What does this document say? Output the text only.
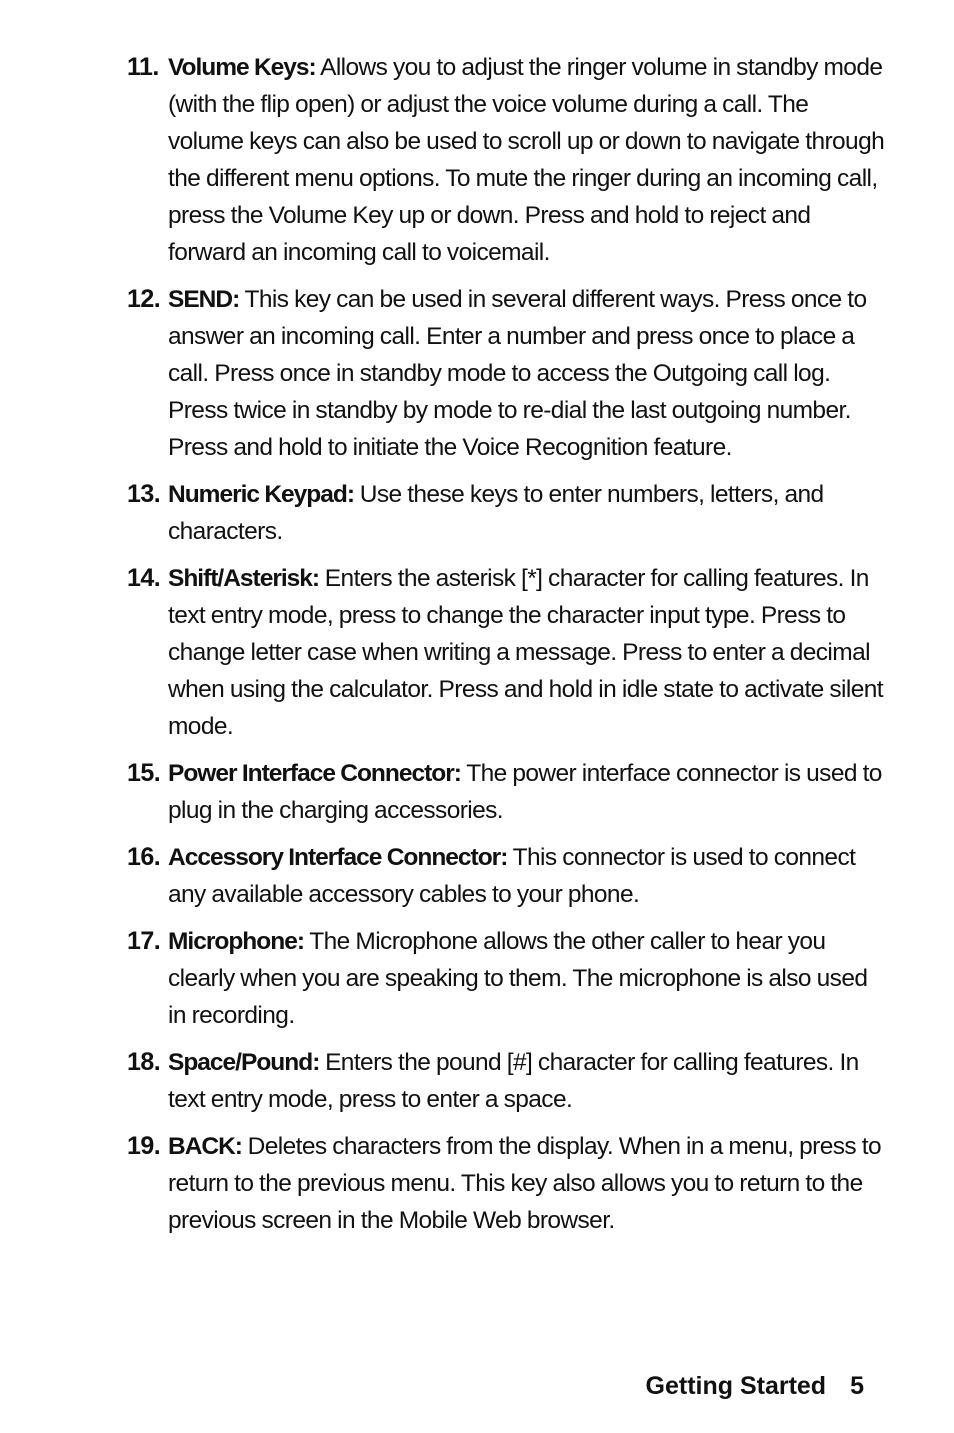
11. Volume Keys: Allows you to adjust the ringer volume in standby mode (with the flip open) or adjust the voice volume during a call. The volume keys can also be used to scroll up or down to navigate through the different menu options. To mute the ringer during an incoming call, press the Volume Key up or down. Press and hold to reject and forward an incoming call to voicemail.
12. SEND: This key can be used in several different ways. Press once to answer an incoming call. Enter a number and press once to place a call. Press once in standby mode to access the Outgoing call log. Press twice in standby by mode to re-dial the last outgoing number. Press and hold to initiate the Voice Recognition feature.
13. Numeric Keypad: Use these keys to enter numbers, letters, and characters.
14. Shift/Asterisk: Enters the asterisk [*] character for calling features. In text entry mode, press to change the character input type. Press to change letter case when writing a message. Press to enter a decimal when using the calculator. Press and hold in idle state to activate silent mode.
15. Power Interface Connector: The power interface connector is used to plug in the charging accessories.
16. Accessory Interface Connector: This connector is used to connect any available accessory cables to your phone.
17. Microphone: The Microphone allows the other caller to hear you clearly when you are speaking to them. The microphone is also used in recording.
18. Space/Pound: Enters the pound [#] character for calling features. In text entry mode, press to enter a space.
19. BACK: Deletes characters from the display. When in a menu, press to return to the previous menu. This key also allows you to return to the previous screen in the Mobile Web browser.
Getting Started 5
